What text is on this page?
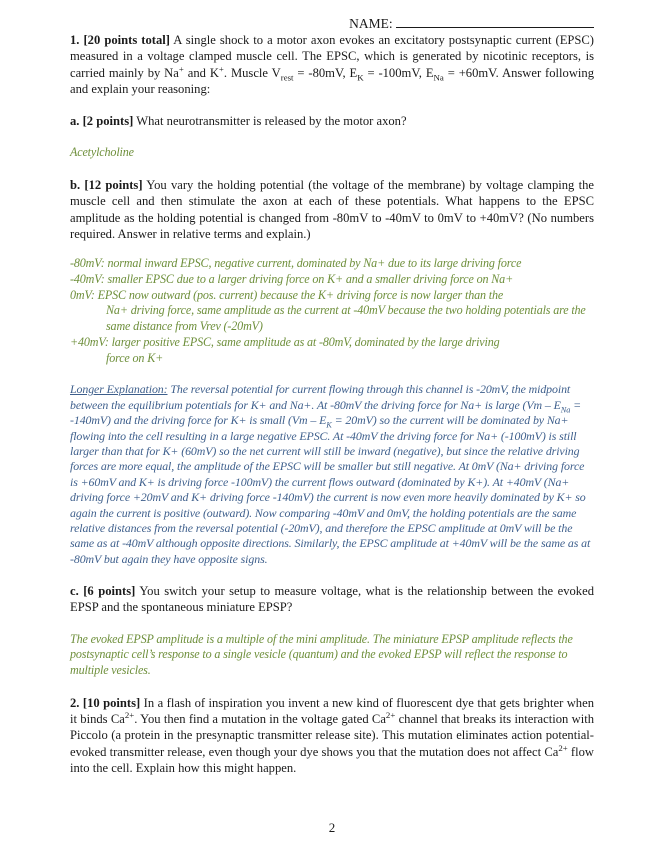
NAME:

1. [20 points total] A single shock to a motor axon evokes an excitatory postsynaptic current (EPSC) measured in a voltage clamped muscle cell. The EPSC, which is generated by nicotinic receptors, is carried mainly by Na+ and K+. Muscle $V_{rest} = -80mV$, $E_K = -100mV$, $E_{Na} = +60mV$. Answer following and explain your reasoning:

a. [2 points] What neurotransmitter is released by the motor axon?

Acetylcholine

b. [12 points] You vary the holding potential (the voltage of the membrane) by voltage clamping the muscle cell and then stimulate the axon at each of these potentials. What happens to the EPSC amplitude as the holding potential is changed from -80mV to -40mV to 0mV to +40mV? (No numbers required. Answer in relative terms and explain.)

-80mV: normal inward EPSC, negative current, dominated by Na+ due to its large driving force

-40mV: smaller EPSC due to a larger driving force on K+ and a smaller driving force on Na+

0mV: EPSC now outward (pos. current) because the K+ driving force is now larger than the

Na+ driving force, same amplitude as the current at -40mV because the two holding potentials are the same distance from Vrev (-20mV)

+40mV: larger positive EPSC, same amplitude as at -80mV, dominated by the large driving

force on K+

Longer Explanation: The reversal potential for current flowing through this channel is -20mV, the midpoint between the equilibrium potentials for K+ and Na+. At -80mV the driving force for Na+ is large $(Vm - E_{Na} = -140mV)$ and the driving force for K+ is small $(Vm - E_K = 20mV)$ so the current will be dominated by Na+ flowing into the cell resulting in a large negative EPSC. At -40mV the driving force for Na+ (-100mV) is still larger than that for K+ (60mV) so the net current will still be inward (negative), but since the relative driving forces are more equal, the amplitude of the EPSC will be smaller but still negative. At 0mV (Na+ driving force is +60mV and K+ is driving force -100mV) the current flows outward (dominated by K+). At +40mV (Na+ driving force +20mV and K+ driving force -140mV) the current is now even more heavily dominated by K+ so again the current is positive (outward). Now comparing -40mV and 0mV, the holding potentials are the same relative distances from the reversal potential (-20mV), and therefore the EPSC amplitude at 0mV will be the same as at -40mV although opposite directions. Similarly, the EPSC amplitude at +40mV will be the same as at -80mV but again they have opposite signs.

c. [6 points] You switch your setup to measure voltage, what is the relationship between the evoked EPSP and the spontaneous miniature EPSP?

The evoked EPSP amplitude is a multiple of the mini amplitude. The miniature EPSP amplitude reflects the postsynaptic cell’s response to a single vesicle (quantum) and the evoked EPSP will reflect the response to multiple vesicles.

2. [10 points] In a flash of inspiration you invent a new kind of fluorescent dye that gets brighter when it binds $Ca^{2+}$. You then find a mutation in the voltage gated $Ca^{2+}$ channel that breaks its interaction with Piccolo (a protein in the presynaptic transmitter release site). This mutation eliminates action potential-evoked transmitter release, even though your dye shows you that the mutation does not affect $Ca^{2+}$ flow into the cell. Explain how this might happen.

2
